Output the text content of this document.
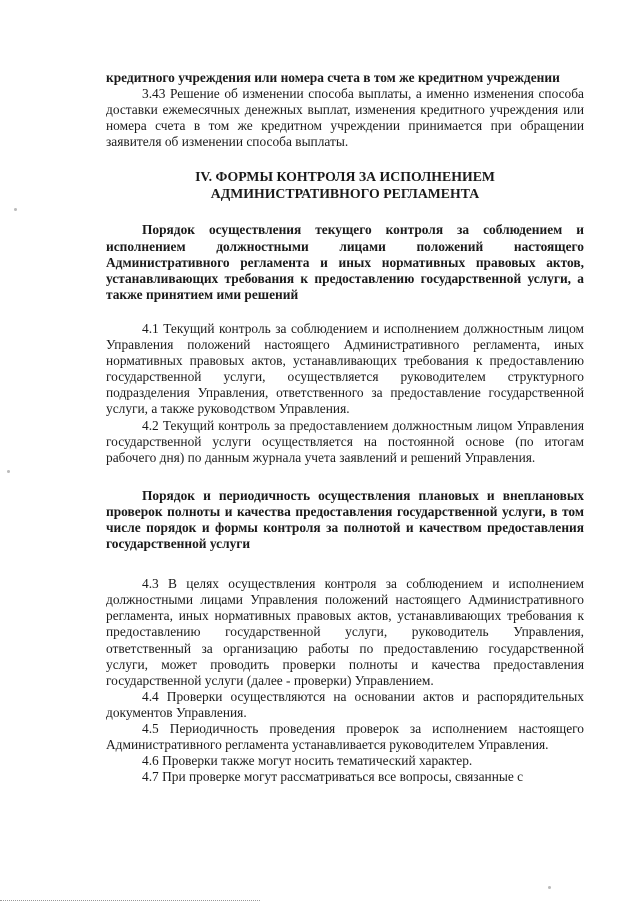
кредитного учреждения или номера счета в том же кредитном учреждении

3.43 Решение об изменении способа выплаты, а именно изменения способа доставки ежемесячных денежных выплат, изменения кредитного учреждения или номера счета в том же кредитном учреждении принимается при обращении заявителя об изменении способа выплаты.

IV. ФОРМЫ КОНТРОЛЯ ЗА ИСПОЛНЕНИЕМ
АДМИНИСТРАТИВНОГО РЕГЛАМЕНТА

Порядок осуществления текущего контроля за соблюдением и исполнением должностными лицами положений настоящего Административного регламента и иных нормативных правовых актов, устанавливающих требования к предоставлению государственной услуги, а также принятием ими решений

4.1 Текущий контроль за соблюдением и исполнением должностным лицом Управления положений настоящего Административного регламента, иных нормативных правовых актов, устанавливающих требования к предоставлению государственной услуги, осуществляется руководителем структурного подразделения Управления, ответственного за предоставление государственной услуги, а также руководством Управления.

4.2 Текущий контроль за предоставлением должностным лицом Управления государственной услуги осуществляется на постоянной основе (по итогам рабочего дня) по данным журнала учета заявлений и решений Управления.

Порядок и периодичность осуществления плановых и внеплановых проверок полноты и качества предоставления государственной услуги, в том числе порядок и формы контроля за полнотой и качеством предоставления государственной услуги

4.3 В целях осуществления контроля за соблюдением и исполнением должностными лицами Управления положений настоящего Административного регламента, иных нормативных правовых актов, устанавливающих требования к предоставлению государственной услуги, руководитель Управления, ответственный за организацию работы по предоставлению государственной услуги, может проводить проверки полноты и качества предоставления государственной услуги (далее - проверки) Управлением.

4.4 Проверки осуществляются на основании актов и распорядительных документов Управления.

4.5 Периодичность проведения проверок за исполнением настоящего Административного регламента устанавливается руководителем Управления.

4.6 Проверки также могут носить тематический характер.

4.7 При проверке могут рассматриваться все вопросы, связанные с
